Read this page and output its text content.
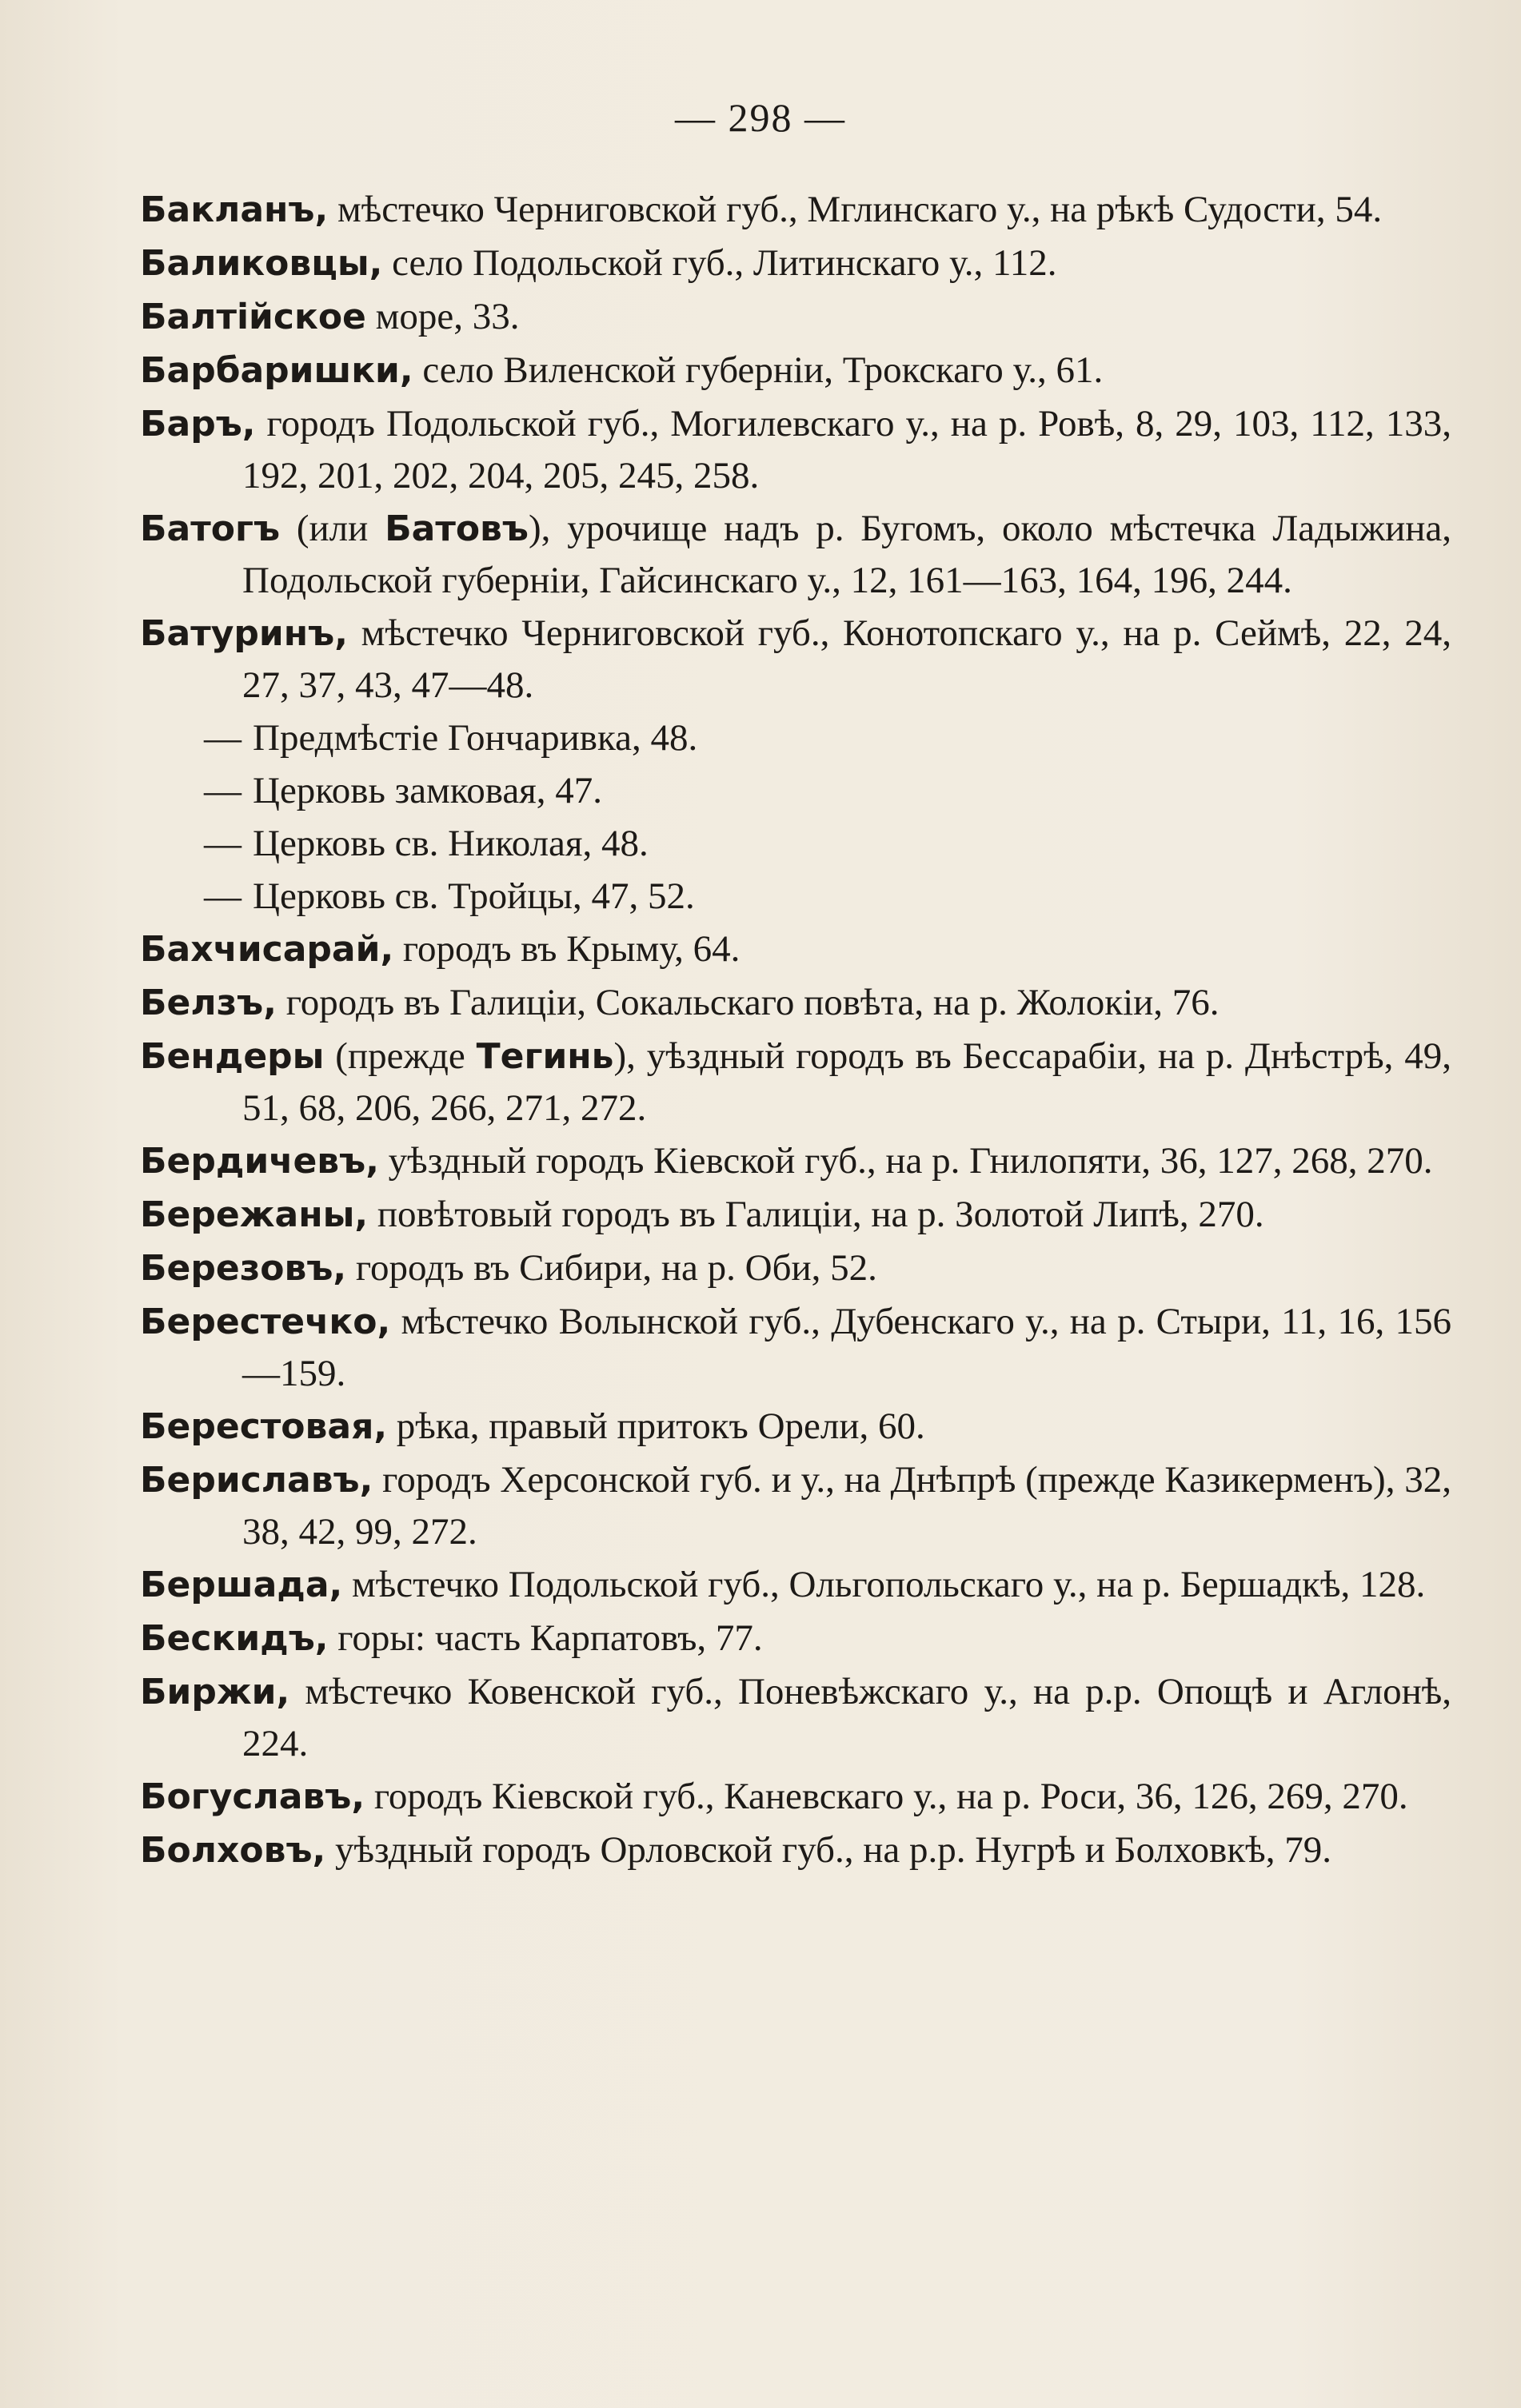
— 298 —
Бакланъ, мѣстечко Черниговской губ., Мглинскаго у., на рѣкѣ Судости, 54.
Баликовцы, село Подольской губ., Литинскаго у., 112.
Балтійское море, 33.
Барбаришки, село Виленской губерніи, Трокскаго у., 61.
Баръ, городъ Подольской губ., Могилевскаго у., на р. Ровѣ, 8, 29, 103, 112, 133, 192, 201, 202, 204, 205, 245, 258.
Батогъ (или Батовъ), урочище надъ р. Бугомъ, около мѣстечка Ладыжина, Подольской губерніи, Гайсинскаго у., 12, 161—163, 164, 196, 244.
Батуринъ, мѣстечко Черниговской губ., Конотопскаго у., на р. Сеймѣ, 22, 24, 27, 37, 43, 47—48.
— Предмѣстіе Гончаривка, 48.
— Церковь замковая, 47.
— Церковь св. Николая, 48.
— Церковь св. Тройцы, 47, 52.
Бахчисарай, городъ въ Крыму, 64.
Белзъ, городъ въ Галиціи, Сокальскаго повѣта, на р. Жолокіи, 76.
Бендеры (прежде Тегинь), уѣздный городъ въ Бессарабіи, на р. Днѣстрѣ, 49, 51, 68, 206, 266, 271, 272.
Бердичевъ, уѣздный городъ Кіевской губ., на р. Гнилопяти, 36, 127, 268, 270.
Бережаны, повѣтовый городъ въ Галиціи, на р. Золотой Липѣ, 270.
Березовъ, городъ въ Сибири, на р. Оби, 52.
Берестечко, мѣстечко Волынской губ., Дубенскаго у., на р. Стыри, 11, 16, 156—159.
Берестовая, рѣка, правый притокъ Орели, 60.
Бериславъ, городъ Херсонской губ. и у., на Днѣпрѣ (прежде Казикерменъ), 32, 38, 42, 99, 272.
Бершада, мѣстечко Подольской губ., Ольгопольскаго у., на р. Бершадкѣ, 128.
Бескидъ, горы: часть Карпатовъ, 77.
Биржи, мѣстечко Ковенской губ., Поневѣжскаго у., на р.р. Опощѣ и Аглонѣ, 224.
Богуславъ, городъ Кіевской губ., Каневскаго у., на р. Роси, 36, 126, 269, 270.
Болховъ, уѣздный городъ Орловской губ., на р.р. Нугрѣ и Болховкѣ, 79.
